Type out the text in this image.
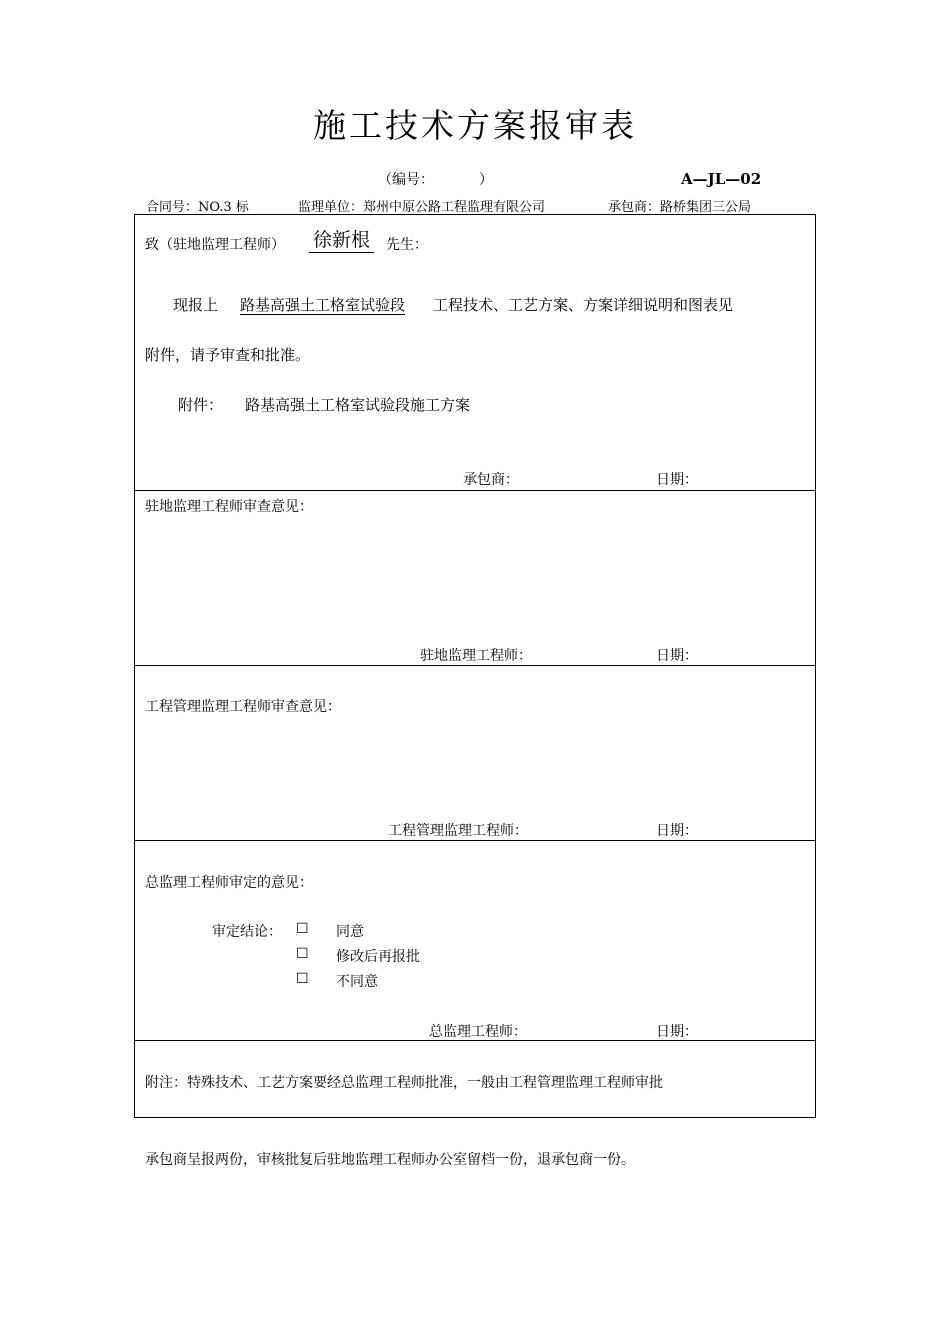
施工技术方案报审表
（编号：	）	A—JL—02
合同号：NO.3 标	监理单位：郑州中原公路工程监理有限公司	承包商：路桥集团三公局
致（驻地监理工程师） 徐新根 先生：
现报上	路基高强土工格室试验段 工程技术、工艺方案、方案详细说明和图表见
附件，请予审查和批准。
附件： 路基高强土工格室试验段施工方案
承包商：	日期：
驻地监理工程师审查意见：
驻地监理工程师：	日期：
工程管理监理工程师审查意见：
工程管理监理工程师：	日期：
总监理工程师审定的意见：
审定结论： ☐ 同意
☐ 修改后再报批
☐ 不同意
总监理工程师：	日期：
附注：特殊技术、工艺方案要经总监理工程师批准，一般由工程管理监理工程师审批
承包商呈报两份，审核批复后驻地监理工程师办公室留档一份，退承包商一份。
